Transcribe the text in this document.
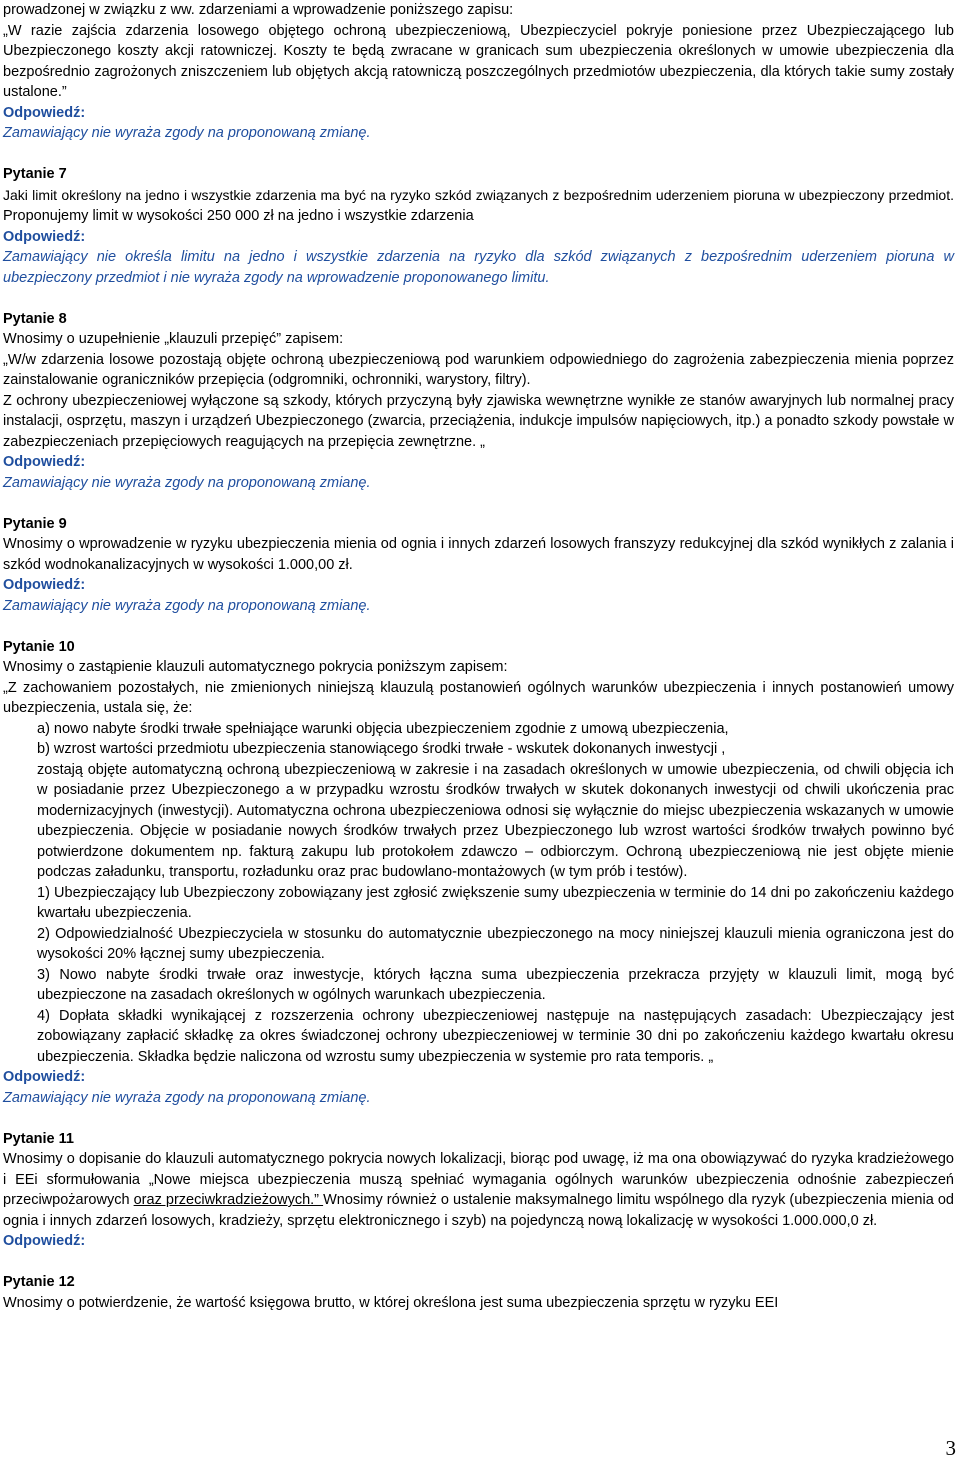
prowadzonej w związku z ww. zdarzeniami a wprowadzenie poniższego zapisu:

„W razie zajścia zdarzenia losowego objętego ochroną ubezpieczeniową, Ubezpieczyciel pokryje poniesione przez Ubezpieczającego lub Ubezpieczonego koszty akcji ratowniczej. Koszty te będą zwracane w granicach sum ubezpieczenia określonych w umowie ubezpieczenia dla bezpośrednio zagrożonych zniszczeniem lub objętych akcją ratowniczą poszczególnych przedmiotów ubezpieczenia, dla których takie sumy zostały ustalone.”

Odpowiedź:

Zamawiający nie wyraża zgody na proponowaną zmianę.

Pytanie 7

Jaki limit określony na jedno i wszystkie zdarzenia ma być na ryzyko szkód związanych z bezpośrednim uderzeniem pioruna w ubezpieczony przedmiot. Proponujemy limit w wysokości 250 000 zł na jedno i wszystkie zdarzenia

Odpowiedź:

Zamawiający nie określa limitu na jedno i wszystkie zdarzenia na ryzyko dla szkód związanych z bezpośrednim uderzeniem pioruna w ubezpieczony przedmiot i nie wyraża zgody na wprowadzenie proponowanego limitu.

Pytanie 8

Wnosimy o uzupełnienie „klauzuli przepięć” zapisem:

„W/w zdarzenia losowe pozostają objęte ochroną ubezpieczeniową pod warunkiem odpowiedniego do zagrożenia zabezpieczenia mienia poprzez zainstalowanie ograniczników przepięcia (odgromniki, ochronniki, warystory, filtry).

Z ochrony ubezpieczeniowej wyłączone są szkody, których przyczyną były zjawiska wewnętrzne wynikłe ze stanów awaryjnych lub normalnej pracy instalacji, osprzętu, maszyn i urządzeń Ubezpieczonego (zwarcia, przeciążenia, indukcje impulsów napięciowych, itp.) a ponadto szkody powstałe w zabezpieczeniach przepięciowych reagujących na przepięcia zewnętrzne. „

Odpowiedź:

Zamawiający nie wyraża zgody na proponowaną zmianę.

Pytanie 9

Wnosimy o wprowadzenie w ryzyku ubezpieczenia mienia od ognia i innych zdarzeń losowych franszyzy redukcyjnej dla szkód wynikłych z zalania i szkód wodnokanalizacyjnych w wysokości 1.000,00 zł.

Odpowiedź:

Zamawiający nie wyraża zgody na proponowaną zmianę.

Pytanie 10

Wnosimy o zastąpienie klauzuli automatycznego pokrycia poniższym zapisem:

„Z zachowaniem pozostałych, nie zmienionych niniejszą klauzulą postanowień ogólnych warunków ubezpieczenia i innych postanowień umowy ubezpieczenia, ustala się, że:

a) nowo nabyte środki trwałe spełniające warunki objęcia ubezpieczeniem zgodnie z umową ubezpieczenia,

b) wzrost wartości przedmiotu ubezpieczenia stanowiącego środki trwałe - wskutek dokonanych inwestycji ,

zostają objęte automatyczną ochroną ubezpieczeniową w zakresie i na zasadach określonych w umowie ubezpieczenia, od chwili objęcia ich w posiadanie przez Ubezpieczonego a w przypadku wzrostu środków trwałych w skutek dokonanych inwestycji od chwili ukończenia prac modernizacyjnych (inwestycji). Automatyczna ochrona ubezpieczeniowa odnosi się wyłącznie do miejsc ubezpieczenia wskazanych w umowie ubezpieczenia. Objęcie w posiadanie nowych środków trwałych przez Ubezpieczonego lub wzrost wartości środków trwałych powinno być potwierdzone dokumentem np. fakturą zakupu lub protokołem zdawczo – odbiorczym. Ochroną ubezpieczeniową nie jest objęte mienie podczas załadunku, transportu, rozładunku oraz prac budowlano-montażowych (w tym prób i testów).

1) Ubezpieczający lub Ubezpieczony zobowiązany jest zgłosić zwiększenie sumy ubezpieczenia w terminie do 14 dni po zakończeniu każdego kwartału ubezpieczenia.

2) Odpowiedzialność Ubezpieczyciela w stosunku do automatycznie ubezpieczonego na mocy niniejszej klauzuli mienia ograniczona jest do wysokości 20% łącznej sumy ubezpieczenia.

3) Nowo nabyte środki trwałe oraz inwestycje, których łączna suma ubezpieczenia przekracza przyjęty w klauzuli limit, mogą być ubezpieczone na zasadach określonych w ogólnych warunkach ubezpieczenia.

4) Dopłata składki wynikającej z rozszerzenia ochrony ubezpieczeniowej następuje na następujących zasadach: Ubezpieczający jest zobowiązany zapłacić składkę za okres świadczonej ochrony ubezpieczeniowej w terminie 30 dni po zakończeniu każdego kwartału okresu ubezpieczenia. Składka będzie naliczona od wzrostu sumy ubezpieczenia w systemie pro rata temporis. „

Odpowiedź:

Zamawiający nie wyraża zgody na proponowaną zmianę.

Pytanie 11

Wnosimy o dopisanie do klauzuli automatycznego pokrycia nowych lokalizacji, biorąc pod uwagę, iż ma ona obowiązywać do ryzyka kradzieżowego i EEi sformułowania „Nowe miejsca ubezpieczenia muszą spełniać wymagania ogólnych warunków ubezpieczenia odnośnie zabezpieczeń przeciwpożarowych oraz przeciwkradzieżowych.” Wnosimy również o ustalenie maksymalnego limitu wspólnego dla ryzyk (ubezpieczenia mienia od ognia i innych zdarzeń losowych, kradzieży, sprzętu elektronicznego i szyb) na pojedynczą nową lokalizację w wysokości 1.000.000,0 zł.

Odpowiedź:

Pytanie 12

Wnosimy o potwierdzenie, że wartość księgowa brutto, w której określona jest suma ubezpieczenia sprzętu w ryzyku EEI

3
